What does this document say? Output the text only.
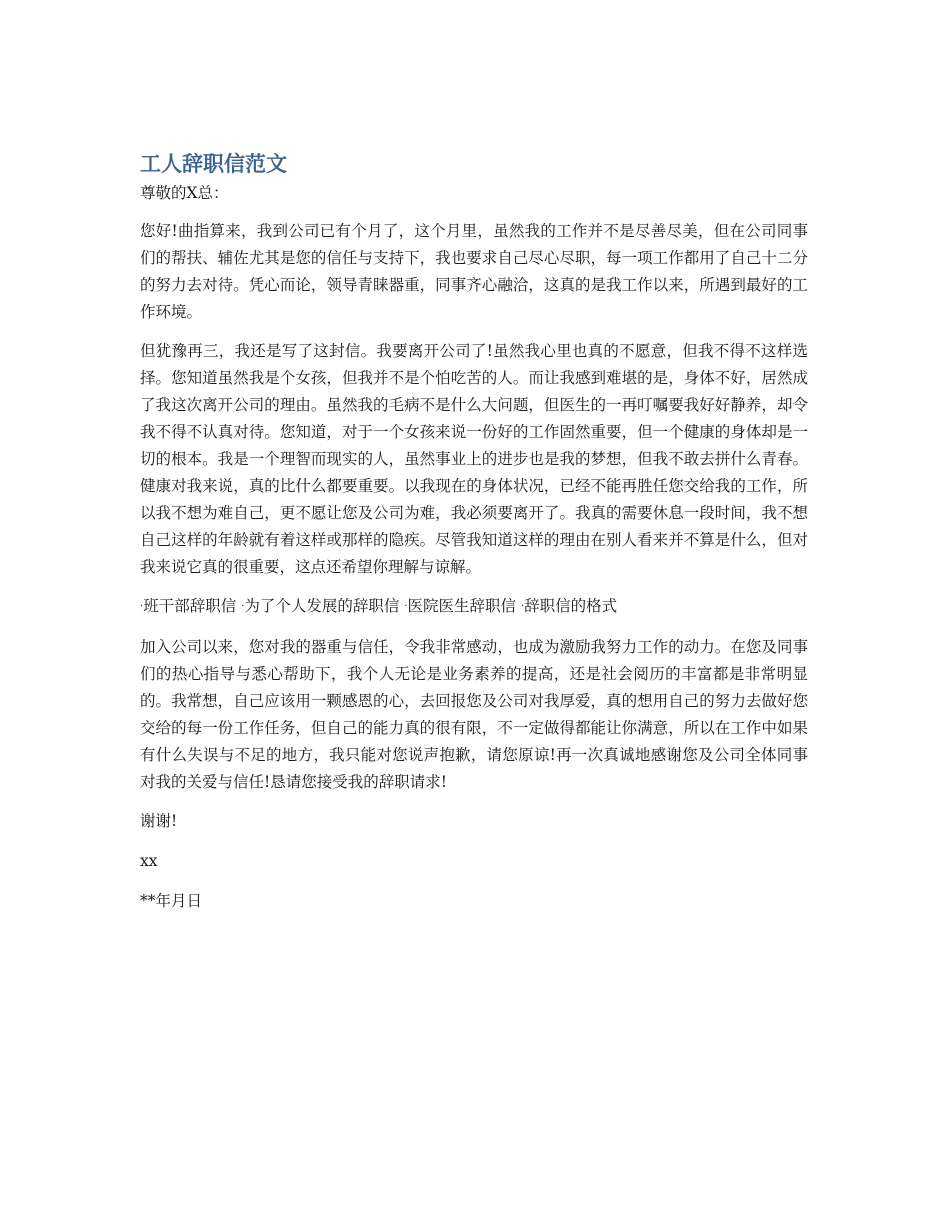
工人辞职信范文

尊敬的X总：

您好!曲指算来，我到公司已有个月了，这个月里，虽然我的工作并不是尽善尽美，但在公司同事们的帮扶、辅佐尤其是您的信任与支持下，我也要求自己尽心尽职，每一项工作都用了自己十二分的努力去对待。凭心而论，领导青睐器重，同事齐心融洽，这真的是我工作以来，所遇到最好的工作环境。

但犹豫再三，我还是写了这封信。我要离开公司了!虽然我心里也真的不愿意，但我不得不这样选择。您知道虽然我是个女孩，但我并不是个怕吃苦的人。而让我感到难堪的是，身体不好，居然成了我这次离开公司的理由。虽然我的毛病不是什么大问题，但医生的一再叮嘱要我好好静养，却令我不得不认真对待。您知道，对于一个女孩来说一份好的工作固然重要，但一个健康的身体却是一切的根本。我是一个理智而现实的人，虽然事业上的进步也是我的梦想，但我不敢去拼什么青春。健康对我来说，真的比什么都要重要。以我现在的身体状况，已经不能再胜任您交给我的工作，所以我不想为难自己，更不愿让您及公司为难，我必须要离开了。我真的需要休息一段时间，我不想自己这样的年龄就有着这样或那样的隐疾。尽管我知道这样的理由在别人看来并不算是什么，但对我来说它真的很重要，这点还希望你理解与谅解。

·班干部辞职信 ·为了个人发展的辞职信 ·医院医生辞职信 ·辞职信的格式

加入公司以来，您对我的器重与信任，令我非常感动，也成为激励我努力工作的动力。在您及同事们的热心指导与悉心帮助下，我个人无论是业务素养的提高，还是社会阅历的丰富都是非常明显的。我常想，自己应该用一颗感恩的心，去回报您及公司对我厚爱，真的想用自己的努力去做好您交给的每一份工作任务，但自己的能力真的很有限，不一定做得都能让你满意，所以在工作中如果有什么失误与不足的地方，我只能对您说声抱歉，请您原谅!再一次真诚地感谢您及公司全体同事对我的关爱与信任!恳请您接受我的辞职请求!

谢谢!

xx

**年月日
